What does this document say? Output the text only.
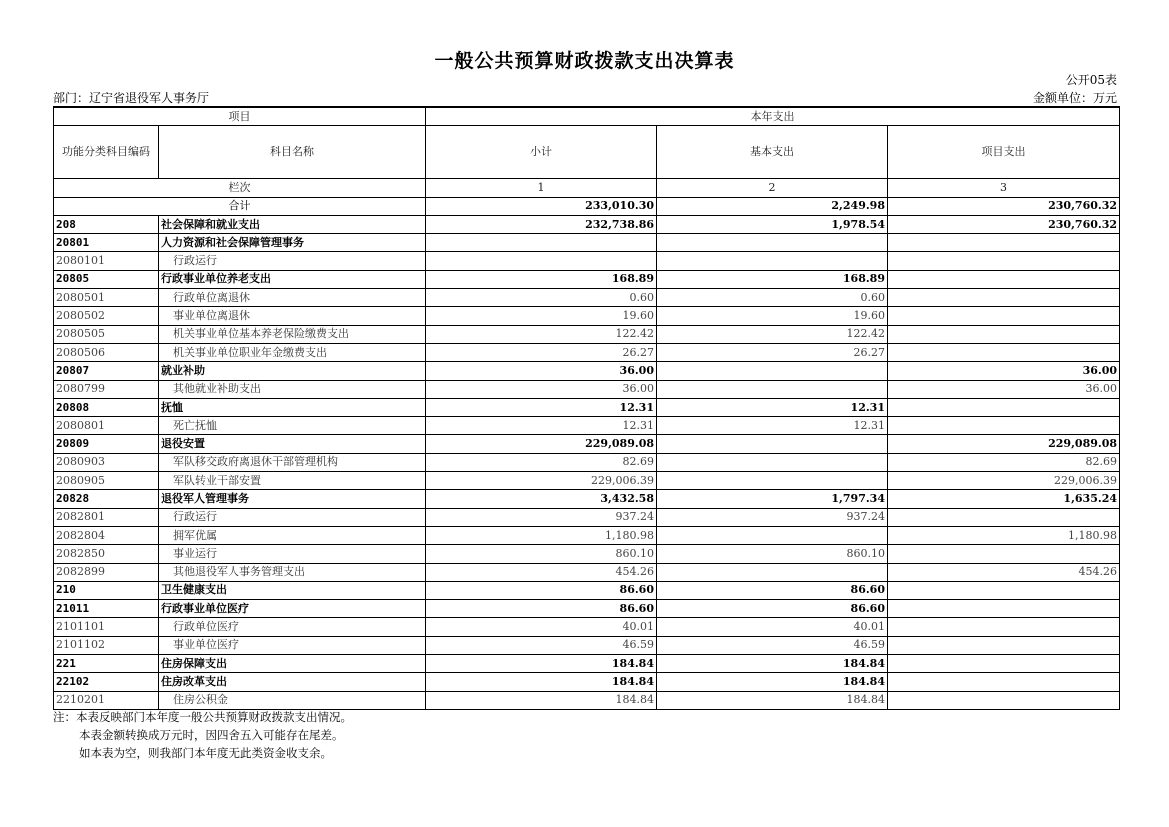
一般公共预算财政拨款支出决算表
公开05表
部门：辽宁省退役军人事务厅	金额单位：万元
项目		本年支出		
功能分类科目编码	科目名称	小计	基本支出	项目支出
栏次		1	2	3
合计		233,010.30	2,249.98	230,760.32
208	社会保障和就业支出	232,738.86	1,978.54	230,760.32
20801	人力资源和社会保障管理事务			
2080101	行政运行			
20805	行政事业单位养老支出	168.89	168.89	
2080501	行政单位离退休	0.60	0.60	
2080502	事业单位离退休	19.60	19.60	
2080505	机关事业单位基本养老保险缴费支出	122.42	122.42	
2080506	机关事业单位职业年金缴费支出	26.27	26.27	
20807	就业补助	36.00		36.00
2080799	其他就业补助支出	36.00		36.00
20808	抚恤	12.31	12.31	
2080801	死亡抚恤	12.31	12.31	
20809	退役安置	229,089.08		229,089.08
2080903	军队移交政府离退休干部管理机构	82.69		82.69
2080905	军队转业干部安置	229,006.39		229,006.39
20828	退役军人管理事务	3,432.58	1,797.34	1,635.24
2082801	行政运行	937.24	937.24	
2082804	拥军优属	1,180.98		1,180.98
2082850	事业运行	860.10	860.10	
2082899	其他退役军人事务管理支出	454.26		454.26
210	卫生健康支出	86.60	86.60	
21011	行政事业单位医疗	86.60	86.60	
2101101	行政单位医疗	40.01	40.01	
2101102	事业单位医疗	46.59	46.59	
221	住房保障支出	184.84	184.84	
22102	住房改革支出	184.84	184.84	
2210201	住房公积金	184.84	184.84	
注：本表反映部门本年度一般公共预算财政拨款支出情况。
本表金额转换成万元时，因四舍五入可能存在尾差。
如本表为空，则我部门本年度无此类资金收支余。
